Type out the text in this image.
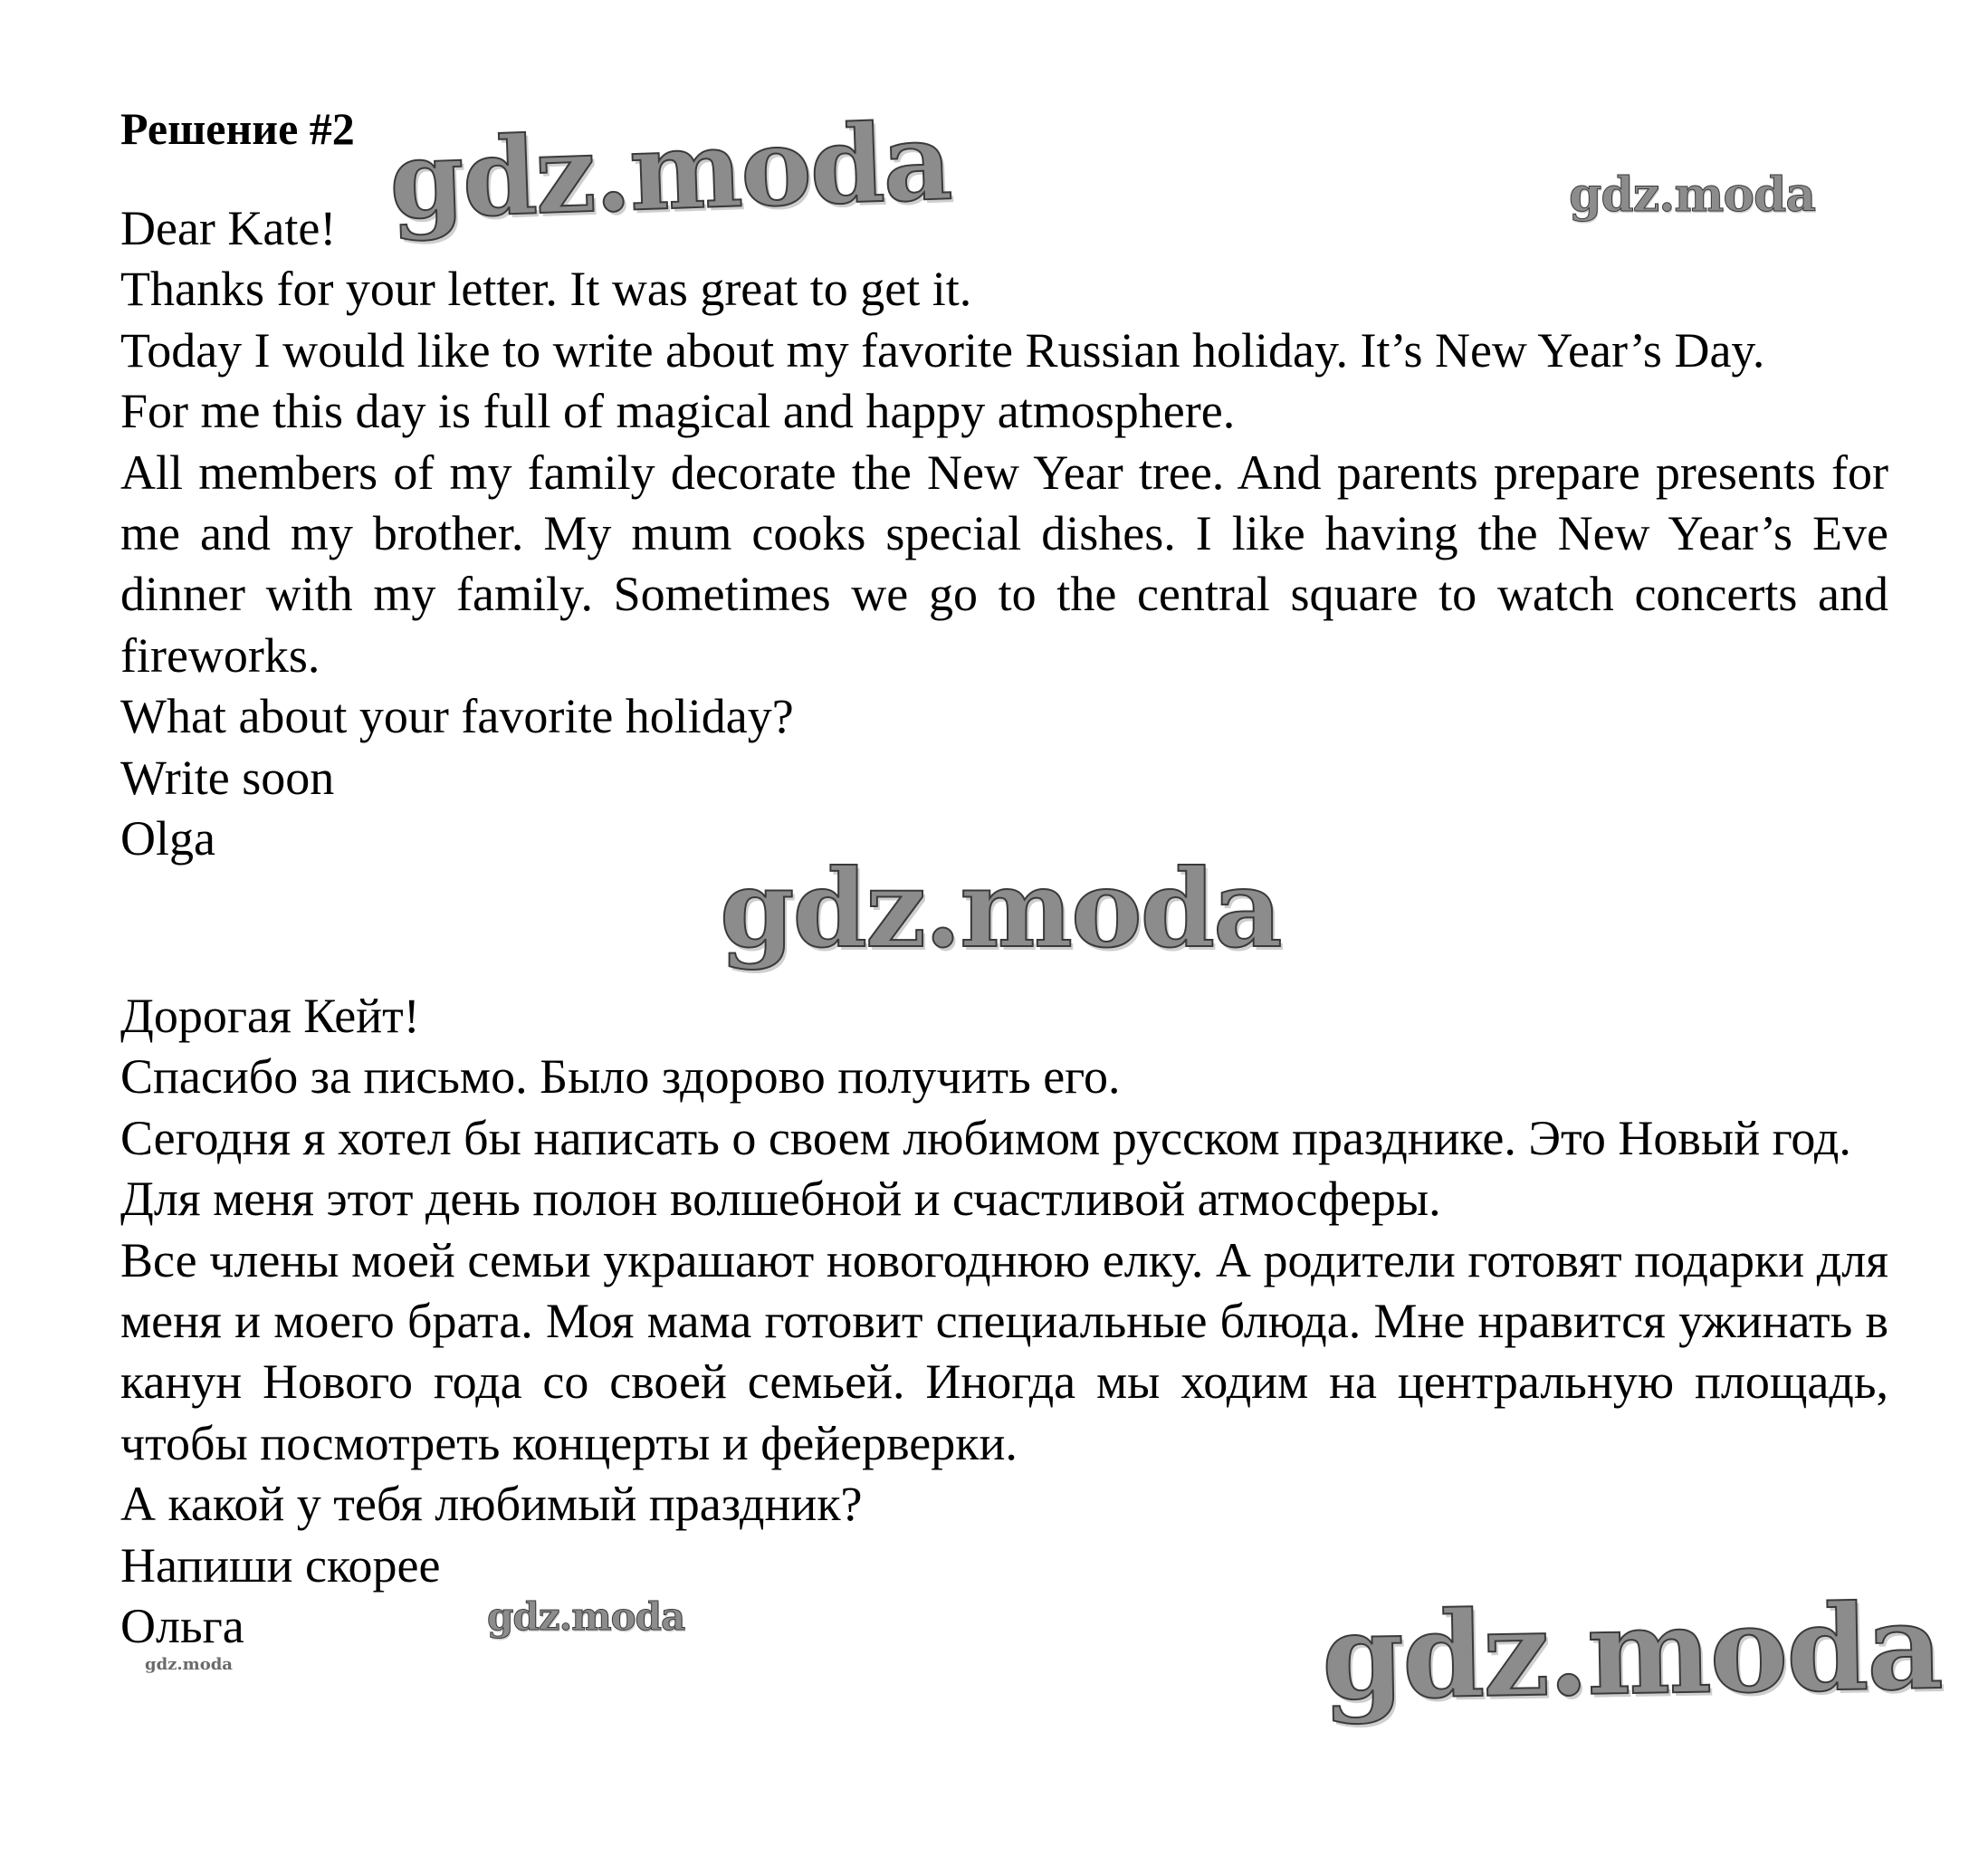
Решение #2
Dear Kate!
Thanks for your letter. It was great to get it.
Today I would like to write about my favorite Russian holiday. It’s New Year’s Day.
For me this day is full of magical and happy atmosphere.
All members of my family decorate the New Year tree. And parents prepare presents for me and my brother. My mum cooks special dishes. I like having the New Year’s Eve dinner with my family. Sometimes we go to the central square to watch concerts and fireworks.
What about your favorite holiday?
Write soon
Olga
Дорогая Кейт!
Спасибо за письмо. Было здорово получить его.
Сегодня я хотел бы написать о своем любимом русском празднике. Это Новый год.
Для меня этот день полон волшебной и счастливой атмосферы.
Все члены моей семьи украшают новогоднюю елку. А родители готовят подарки для меня и моего брата. Моя мама готовит специальные блюда. Мне нравится ужинать в канун Нового года со своей семьей. Иногда мы ходим на центральную площадь, чтобы посмотреть концерты и фейерверки.
А какой у тебя любимый праздник?
Напиши скорее
Ольга
gdz.moda	gdz.moda
gdz.moda
gdz.moda
gdz.moda	gdz.moda
